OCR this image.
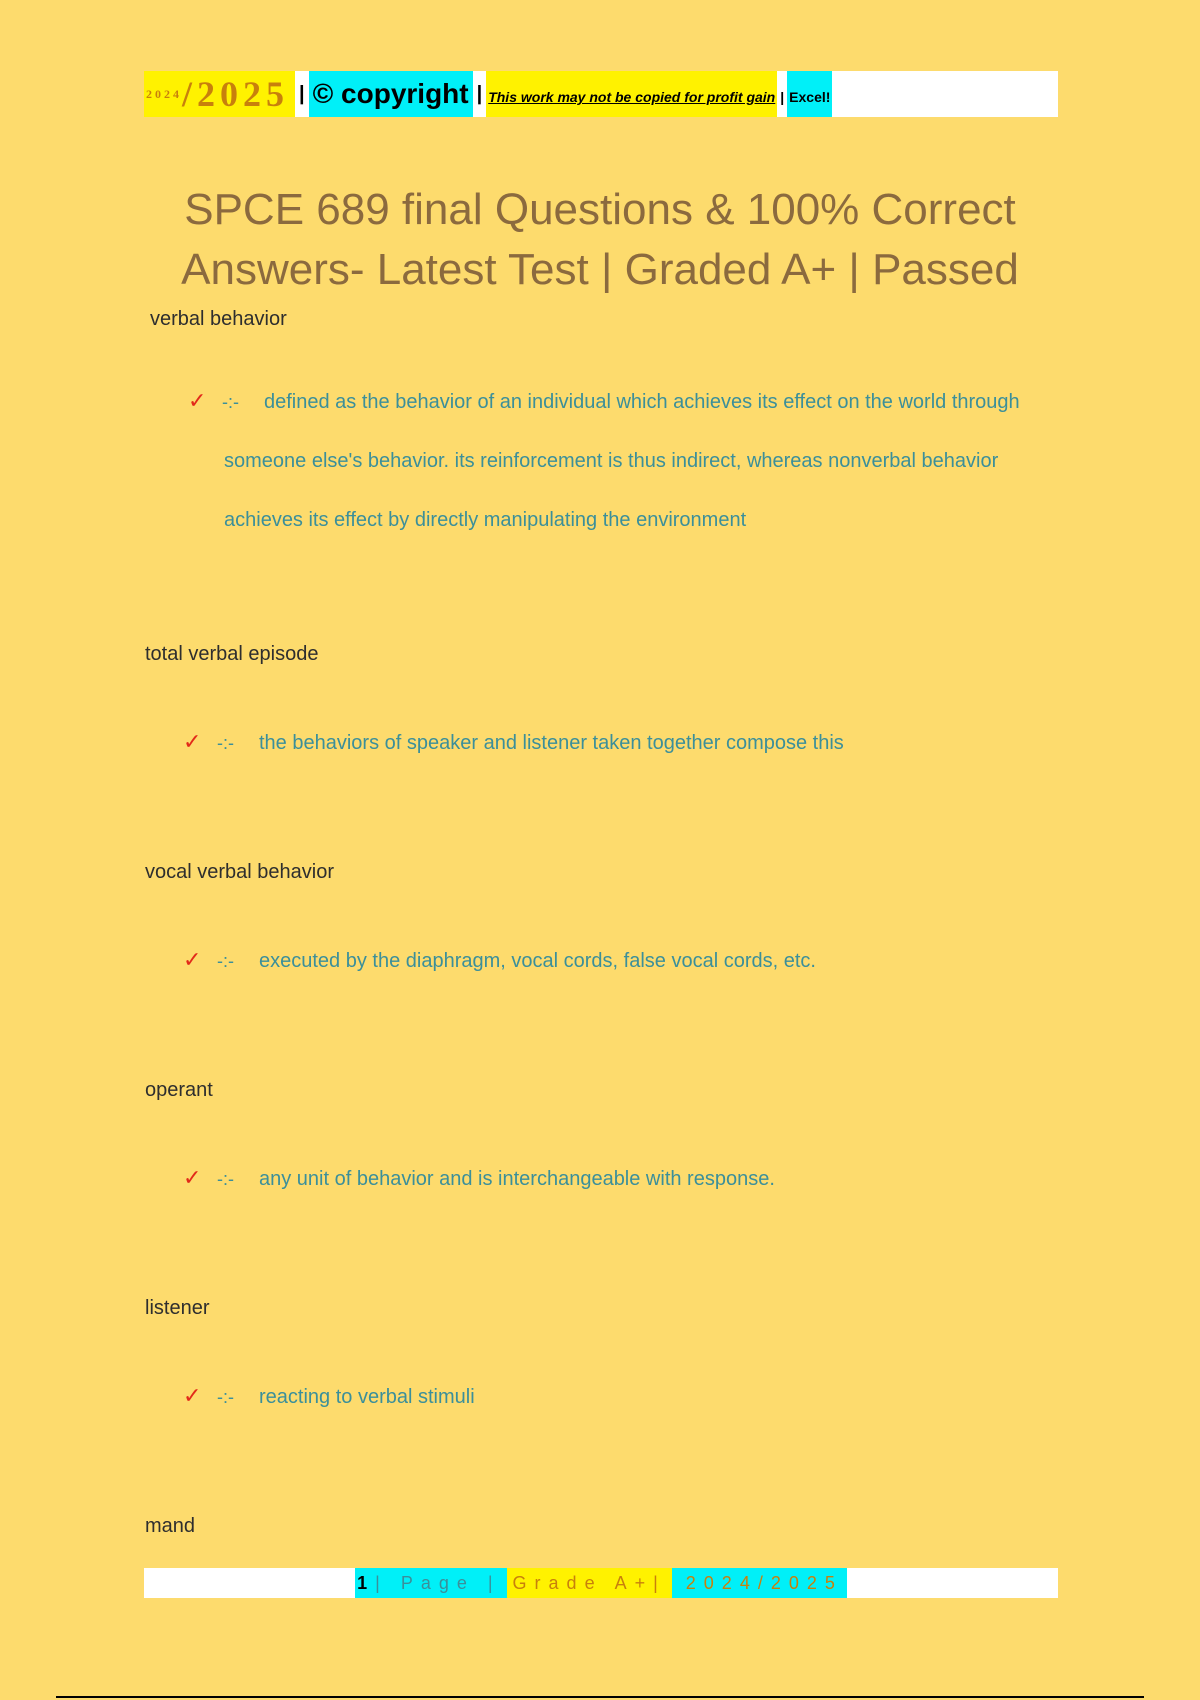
2024 /2025 | © copyright | This work may not be copied for profit gain | Excel!
SPCE 689 final Questions & 100% Correct
Answers- Latest Test | Graded A+ | Passed
verbal behavior
✓ -:-	defined as the behavior of an individual which achieves its effect on the world through someone else's behavior. its reinforcement is thus indirect, whereas nonverbal behavior achieves its effect by directly manipulating the environment
total verbal episode
✓ -:-	the behaviors of speaker and listener taken together compose this
vocal verbal behavior
✓ -:-	executed by the diaphragm, vocal cords, false vocal cords, etc.
operant
✓ -:-	any unit of behavior and is interchangeable with response.
listener
✓ -:-	reacting to verbal stimuli
mand
1 | Page | Grade A+|	2024/2025
